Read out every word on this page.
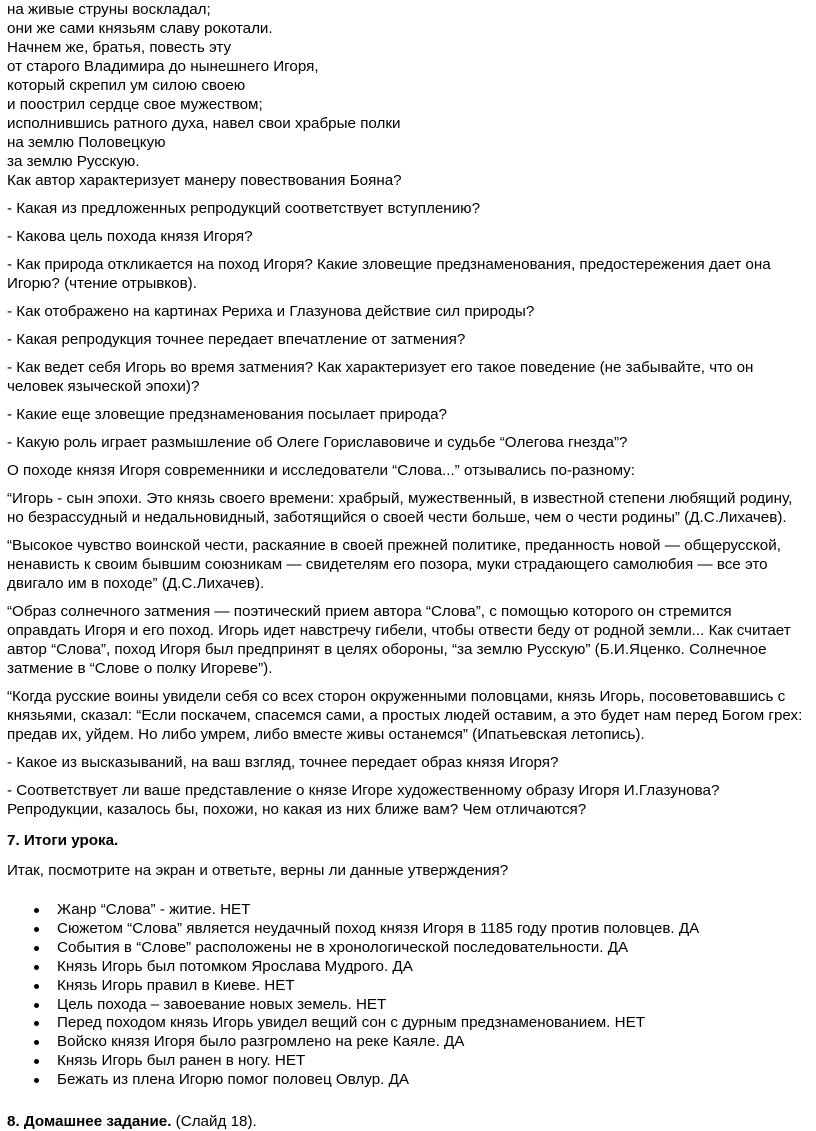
на живые струны воскладал;
они же сами князьям славу рокотали.
Начнем же, братья, повесть эту
от старого Владимира до нынешнего Игоря,
который скрепил ум силою своею
и поострил сердце свое мужеством;
исполнившись ратного духа, навел свои храбрые полки
на землю Половецкую
за землю Русскую.
Как автор характеризует манеру повествования Бояна?

- Какая из предложенных репродукций соответствует вступлению?

- Какова цель похода князя Игоря?

- Как природа откликается на поход Игоря? Какие зловещие предзнаменования, предостережения дает она Игорю? (чтение отрывков).

- Как отображено на картинах Рериха и Глазунова действие сил природы?

- Какая репродукция точнее передает впечатление от затмения?

- Как ведет себя Игорь во время затмения? Как характеризует его такое поведение (не забывайте, что он человек языческой эпохи)?

- Какие еще зловещие предзнаменования посылает природа?

- Какую роль играет размышление об Олеге Гориславовиче и судьбе “Олегова гнезда”?

О походе князя Игоря современники и исследователи “Слова...” отзывались по-разному:

“Игорь - сын эпохи. Это князь своего времени: храбрый, мужественный, в известной степени любящий родину, но безрассудный и недальновидный, заботящийся о своей чести больше, чем о чести родины” (Д.С.Лихачев).

“Высокое чувство воинской чести, раскаяние в своей прежней политике, преданность новой — общерусской, ненависть к своим бывшим союзникам — свидетелям его позора, муки страдающего самолюбия — все это двигало им в походе” (Д.С.Лихачев).

“Образ солнечного затмения — поэтический прием автора “Слова”, с помощью которого он стремится оправдать Игоря и его поход. Игорь идет навстречу гибели, чтобы отвести беду от родной земли... Как считает автор “Слова”, поход Игоря был предпринят в целях обороны, “за землю Русскую” (Б.И.Яценко. Солнечное затмение в “Слове о полку Игореве”).

“Когда русские воины увидели себя со всех сторон окруженными половцами, князь Игорь, посоветовавшись с князьями, сказал: “Если поскачем, спасемся сами, а простых людей оставим, а это будет нам перед Богом грех: предав их, уйдем. Но либо умрем, либо вместе живы останемся” (Ипатьевская летопись).

- Какое из высказываний, на ваш взгляд, точнее передает образ князя Игоря?

- Соответствует ли ваше представление о князе Игоре художественному образу Игоря И.Глазунова? Репродукции, казалось бы, похожи, но какая из них ближе вам? Чем отличаются?

7. Итоги урока.

Итак, посмотрите на экран и ответьте, верны ли данные утверждения?

Жанр “Слова” - житие. НЕТ
Сюжетом “Слова” является неудачный поход князя Игоря в 1185 году против половцев. ДА
События в “Слове” расположены не в хронологической последовательности. ДА
Князь Игорь был потомком Ярослава Мудрого. ДА
Князь Игорь правил в Киеве. НЕТ
Цель похода – завоевание новых земель. НЕТ
Перед походом князь Игорь увидел вещий сон с дурным предзнаменованием. НЕТ
Войско князя Игоря было разгромлено на реке Каяле. ДА
Князь Игорь был ранен в ногу. НЕТ
Бежать из плена Игорю помог половец Овлур. ДА

8. Домашнее задание. (Слайд 18).
